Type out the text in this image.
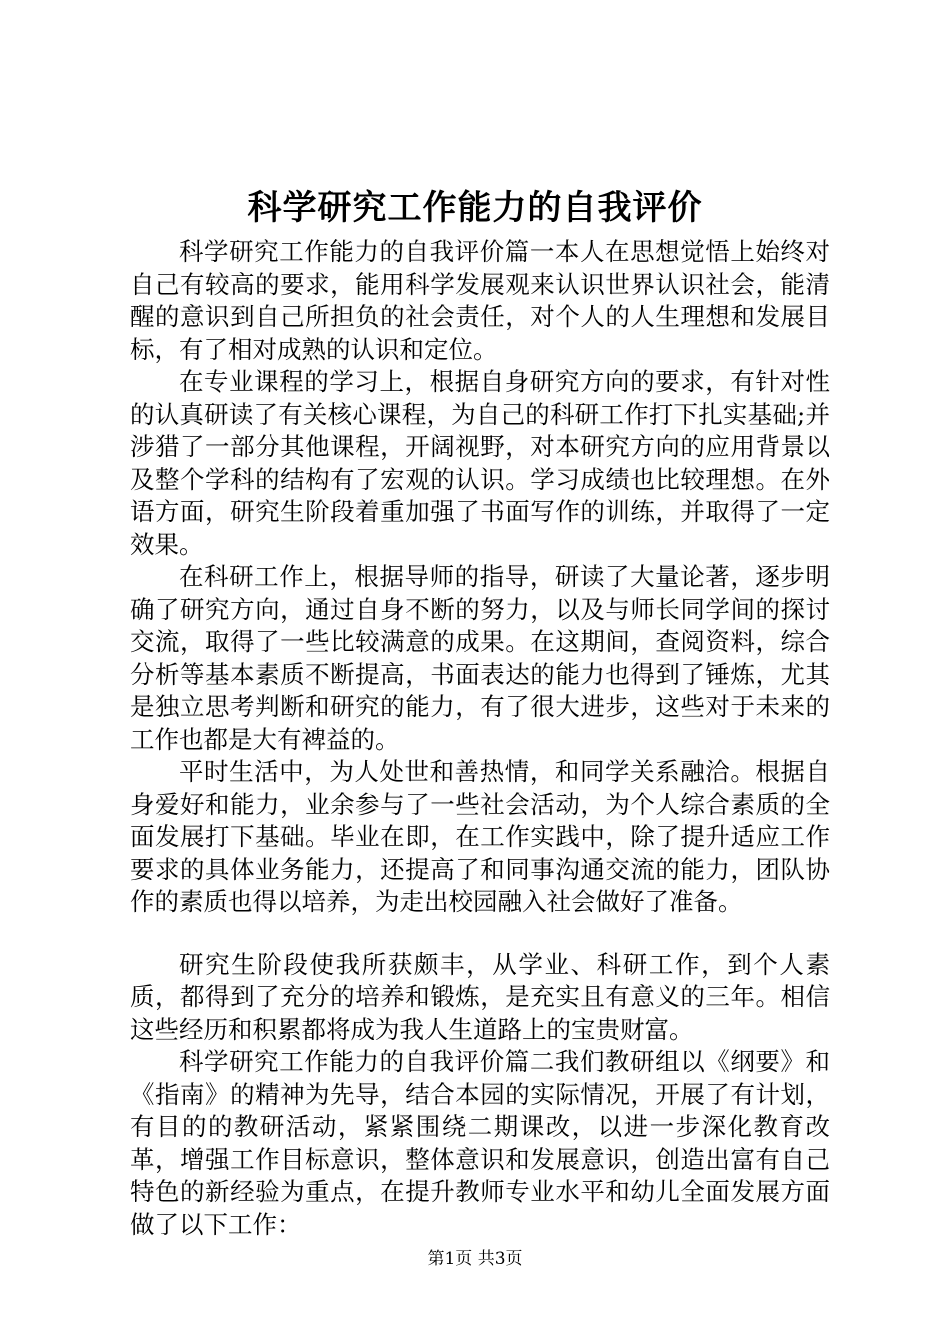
科学研究工作能力的自我评价

科学研究工作能力的自我评价篇一本人在思想觉悟上始终对自己有较高的要求，能用科学发展观来认识世界认识社会，能清醒的意识到自己所担负的社会责任，对个人的人生理想和发展目标，有了相对成熟的认识和定位。

在专业课程的学习上，根据自身研究方向的要求，有针对性的认真研读了有关核心课程，为自己的科研工作打下扎实基础;并涉猎了一部分其他课程，开阔视野，对本研究方向的应用背景以及整个学科的结构有了宏观的认识。学习成绩也比较理想。在外语方面，研究生阶段着重加强了书面写作的训练，并取得了一定效果。

在科研工作上，根据导师的指导，研读了大量论著，逐步明确了研究方向，通过自身不断的努力，以及与师长同学间的探讨交流，取得了一些比较满意的成果。在这期间，查阅资料，综合分析等基本素质不断提高，书面表达的能力也得到了锤炼，尤其是独立思考判断和研究的能力，有了很大进步，这些对于未来的工作也都是大有裨益的。

平时生活中，为人处世和善热情，和同学关系融洽。根据自身爱好和能力，业余参与了一些社会活动，为个人综合素质的全面发展打下基础。毕业在即，在工作实践中，除了提升适应工作要求的具体业务能力，还提高了和同事沟通交流的能力，团队协作的素质也得以培养，为走出校园融入社会做好了准备。

研究生阶段使我所获颇丰，从学业、科研工作，到个人素质，都得到了充分的培养和锻炼，是充实且有意义的三年。相信这些经历和积累都将成为我人生道路上的宝贵财富。

科学研究工作能力的自我评价篇二我们教研组以《纲要》和《指南》的精神为先导，结合本园的实际情况，开展了有计划，有目的的教研活动，紧紧围绕二期课改，以进一步深化教育改革，增强工作目标意识，整体意识和发展意识，创造出富有自己特色的新经验为重点，在提升教师专业水平和幼儿全面发展方面做了以下工作：

第1页 共3页
